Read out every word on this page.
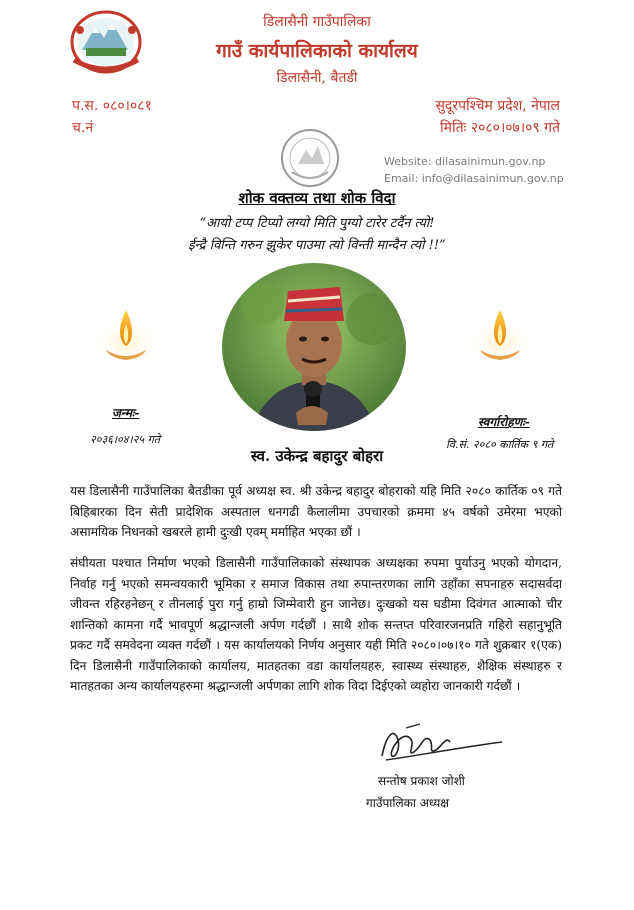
डिलासैनी गाउँपालिका
गाउँ कार्यपालिकाको कार्यालय
डिलासैनी, बैतडी
प.स. ०८०।०८१
च.नं
सुदूरपश्चिम प्रदेश, नेपाल
मितिः २०८०।०७।०९ गते
Website: dilasainimun.gov.np
Email: info@dilasainimun.gov.np
शोक वक्तव्य तथा शोक विदा
“आयो टप्प टिप्यो लग्यो मिति पुग्यो टारेर टर्दैन त्यो!
ईन्द्रै विन्ति गरुन झुकेर पाउमा त्यो विन्ती मान्दैन त्यो !!”
जन्मः-
२०३६।०४।२५ गते
स्वर्गारोहणः-
वि.सं. २०८० कार्तिक ९ गते
स्व. उकेन्द्र बहादुर बोहरा

यस डिलासैनी गाउँपालिका बैतडीका पूर्व अध्यक्ष स्व. श्री उकेन्द्र बहादुर बोहराको यहि मिति २०८० कार्तिक ०९ गते बिहिबारका दिन सेती प्रादेशिक अस्पताल धनगढी कैलालीमा उपचारको क्रममा ४५ वर्षको उमेरमा भएको असामयिक निधनको खबरले हामी दुःखी एवम् मर्माहित भएका छौं ।

संघीयता पश्चात निर्माण भएको डिलासैनी गाउँपालिकाको संस्थापक अध्यक्षका रुपमा पुर्याउनु भएको योगदान, निर्वाह गर्नु भएको समन्वयकारी भूमिका र समाज विकास तथा रुपान्तरणका लागि उहाँका सपनाहरु सदासर्वदा जीवन्त रहिरहनेछन् र तीनलाई पुरा गर्नु हाम्रो जिम्मेवारी हुन जानेछ। दुःखको यस घडीमा दिवंगत आत्माको चीर शान्तिको कामना गर्दै भावपूर्ण श्रद्धान्जली अर्पण गर्दछौं । साथै शोक सन्तप्त परिवारजनप्रति गहिरो सहानुभूति प्रकट गर्दै समवेदना व्यक्त गर्दछौं । यस कार्यालयको निर्णय अनुसार यही मिति २०८०।०७।१० गते शुक्रबार १(एक) दिन डिलासैनी गाउँपालिकाको कार्यालय, मातहतका वडा कार्यालयहरु, स्वास्थ्य संस्थाहरु, शैक्षिक संस्थाहरु र मातहतका अन्य कार्यालयहरुमा श्रद्धान्जली अर्पणका लागि शोक विदा दिईएको व्यहोरा जानकारी गर्दछौं ।

सन्तोष प्रकाश जोशी
गाउँपालिका अध्यक्ष
